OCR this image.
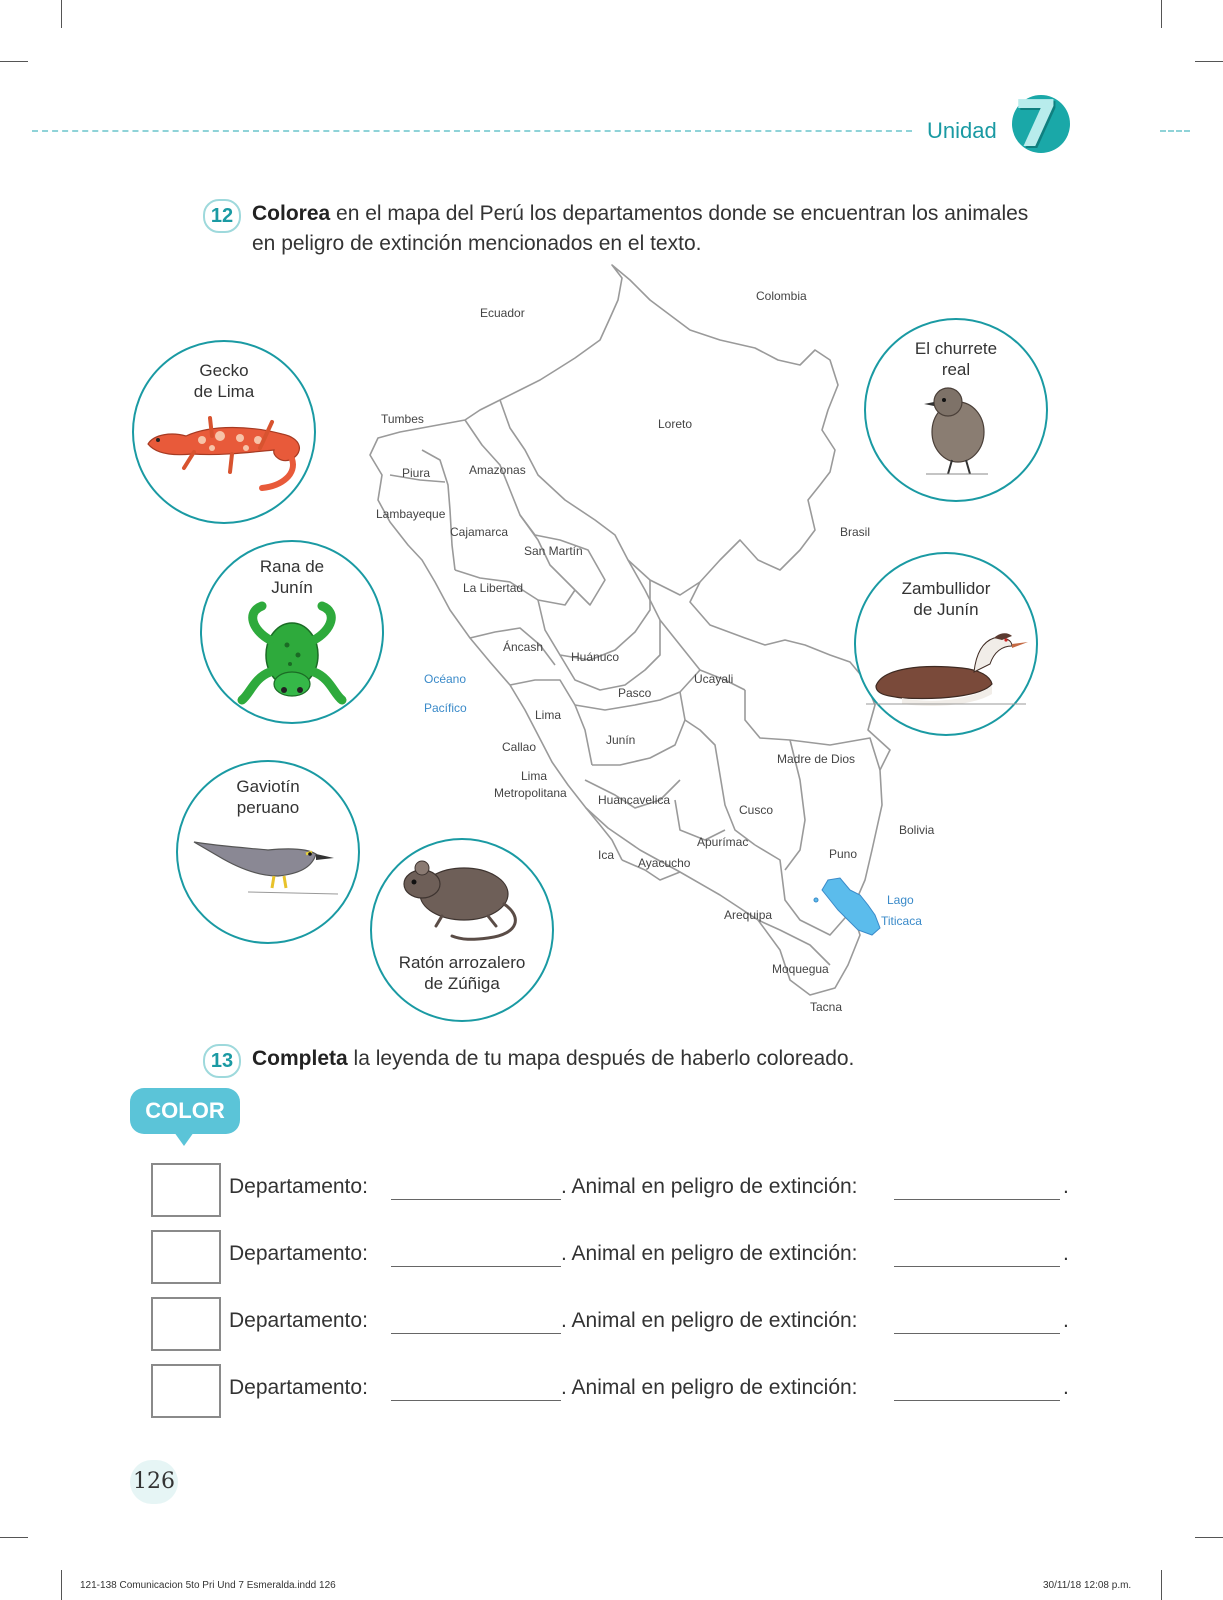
Unidad 7
12 Colorea en el mapa del Perú los departamentos donde se encuentran los animales en peligro de extinción mencionados en el texto.
Ecuador
Colombia
Tumbes	Loreto
Piura	Amazonas
Lambayeque
Cajamarca	Brasil
San Martín
La Libertad
Áncash
Huánuco
Océano
Pacífico
Ucayali
Pasco
Lima
Callao	Junín
Madre de Dios
Lima
Metropolitana	Huancavelica
Cusco
Bolivia
Apurímac
Ica
Ayacucho
Puno
Lago
Titicaca
Arequipa
Moquegua
Tacna
Gecko
de Lima
Rana de
Junín
Gaviotín
peruano
Ratón arrozalero
de Zúñiga
El churrete
real
Zambullidor
de Junín
13 Completa la leyenda de tu mapa después de haberlo coloreado.
COLOR
Departamento:	. Animal en peligro de extinción:	.
Departamento:	. Animal en peligro de extinción:	.
Departamento:	. Animal en peligro de extinción:	.
Departamento:	. Animal en peligro de extinción:	.
126
121-138 Comunicacion 5to Pri Und 7 Esmeralda.indd 126	30/11/18 12:08 p.m.
